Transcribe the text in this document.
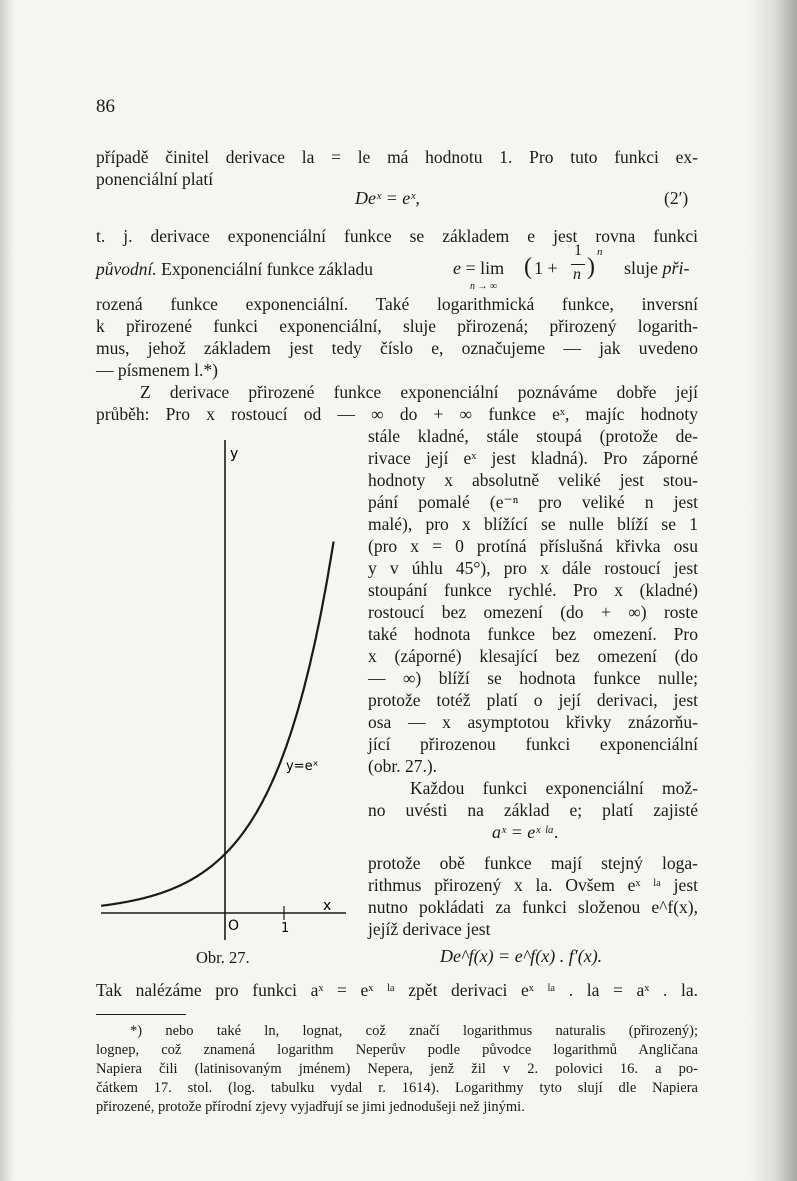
86
případě činitel derivace la = le má hodnotu 1. Pro tuto funkci ex-
ponenciální platí
Deˣ = eˣ,	(2′)
t. j. derivace exponenciální funkce se základem e jest rovna funkci
původní. Exponenciální funkce základu	e = lim
n → ∞
( 1 +
1
n )
n
sluje při-
rozená funkce exponenciální. Také logarithmická funkce, inversní
k přirozené funkci exponenciální, sluje přirozená; přirozený logarith-
mus, jehož základem jest tedy číslo e, označujeme — jak uvedeno
— písmenem l.*)
Z derivace přirozené funkce exponenciální poznáváme dobře její
průběh: Pro x rostoucí od — ∞ do + ∞ funkce eˣ, majíc hodnoty
stále kladné, stále stoupá (protože de-
rivace její eˣ jest kladná). Pro záporné
hodnoty x absolutně veliké jest stou-
pání pomalé (e⁻ⁿ pro veliké n jest
malé), pro x blížící se nulle blíží se 1
(pro x = 0 protíná příslušná křivka osu
y v úhlu 45°), pro x dále rostoucí jest
stoupání funkce rychlé. Pro x (kladné)
rostoucí bez omezení (do + ∞) roste
také hodnota funkce bez omezení. Pro
x (záporné) klesající bez omezení (do
— ∞) blíží se hodnota funkce nulle;
protože totéž platí o její derivaci, jest
osa — x asymptotou křivky znázorňu-
jící přirozenou funkci exponenciální
(obr. 27.).
Každou funkci exponenciální mož-
no uvésti na základ e; platí zajisté
aˣ = eˣ ˡᵃ.
protože obě funkce mají stejný loga-
rithmus přirozený x la. Ovšem eˣ ˡᵃ jest
nutno pokládati za funkci složenou e^f(x),
jejíž derivace jest
De^f(x) = e^f(x) . f′(x).
y
x
y=eˣ
O	1
Obr. 27.
Tak nalézáme pro funkci aˣ = eˣ ˡᵃ zpět derivaci eˣ ˡᵃ . la = aˣ . la.
*) nebo také ln, lognat, což značí logarithmus naturalis (přirozený);
lognep, což znamená logarithm Neperův podle původce logarithmů Angličana
Napiera čili (latinisovaným jménem) Nepera, jenž žil v 2. polovici 16. a po-
čátkem 17. stol. (log. tabulku vydal r. 1614). Logarithmy tyto slují dle Napiera
přirozené, protože přírodní zjevy vyjadřují se jimi jednodušeji než jinými.
